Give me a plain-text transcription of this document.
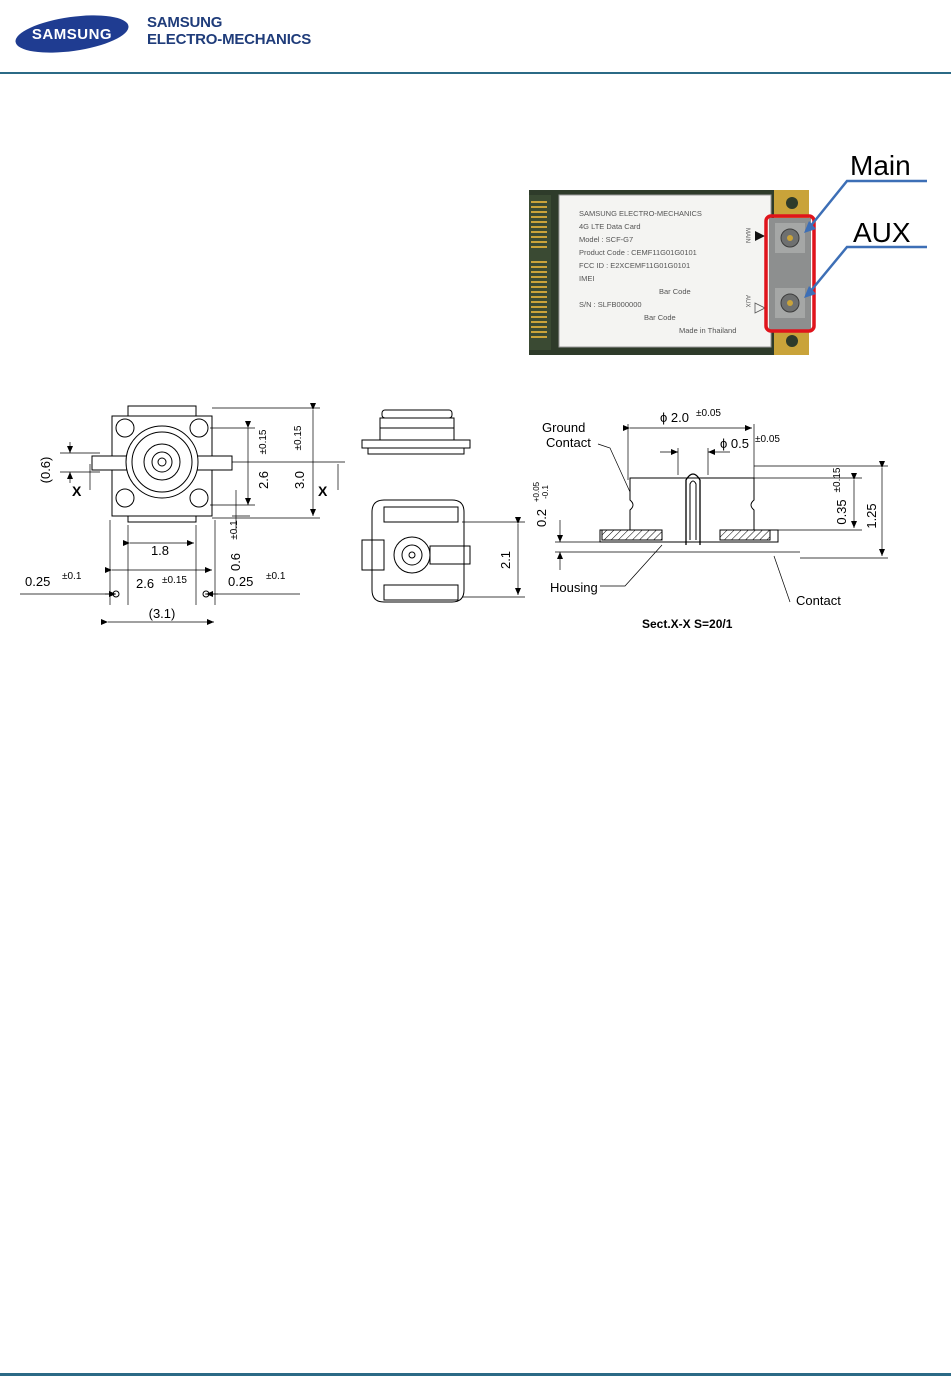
SAMSUNG
SAMSUNG
ELECTRO-MECHANICS
SAMSUNG ELECTRO-MECHANICS
4G LTE Data Card
Model : SCF-G7
Product Code : CEMF11G01G0101
FCC ID : E2XCEMF11G01G0101
IMEI
Bar Code
S/N : SLFB000000
Bar Code
Made in Thailand
MAIN
AUX
Main
AUX
(0.6)	2.6
±0.15
3.0
±0.15
1.8
2.6 ±0.15
0.6
±0.1
0.25 ±0.1	0.25 ±0.1
(3.1)
X	X
2.1
Ground
Contact
ϕ 2.0 ±0.05
ϕ 0.5 ±0.05
0.2
+0.05 -0.1
0.35
±0.15
1.25
Housing
Contact
Sect.X-X S=20/1
